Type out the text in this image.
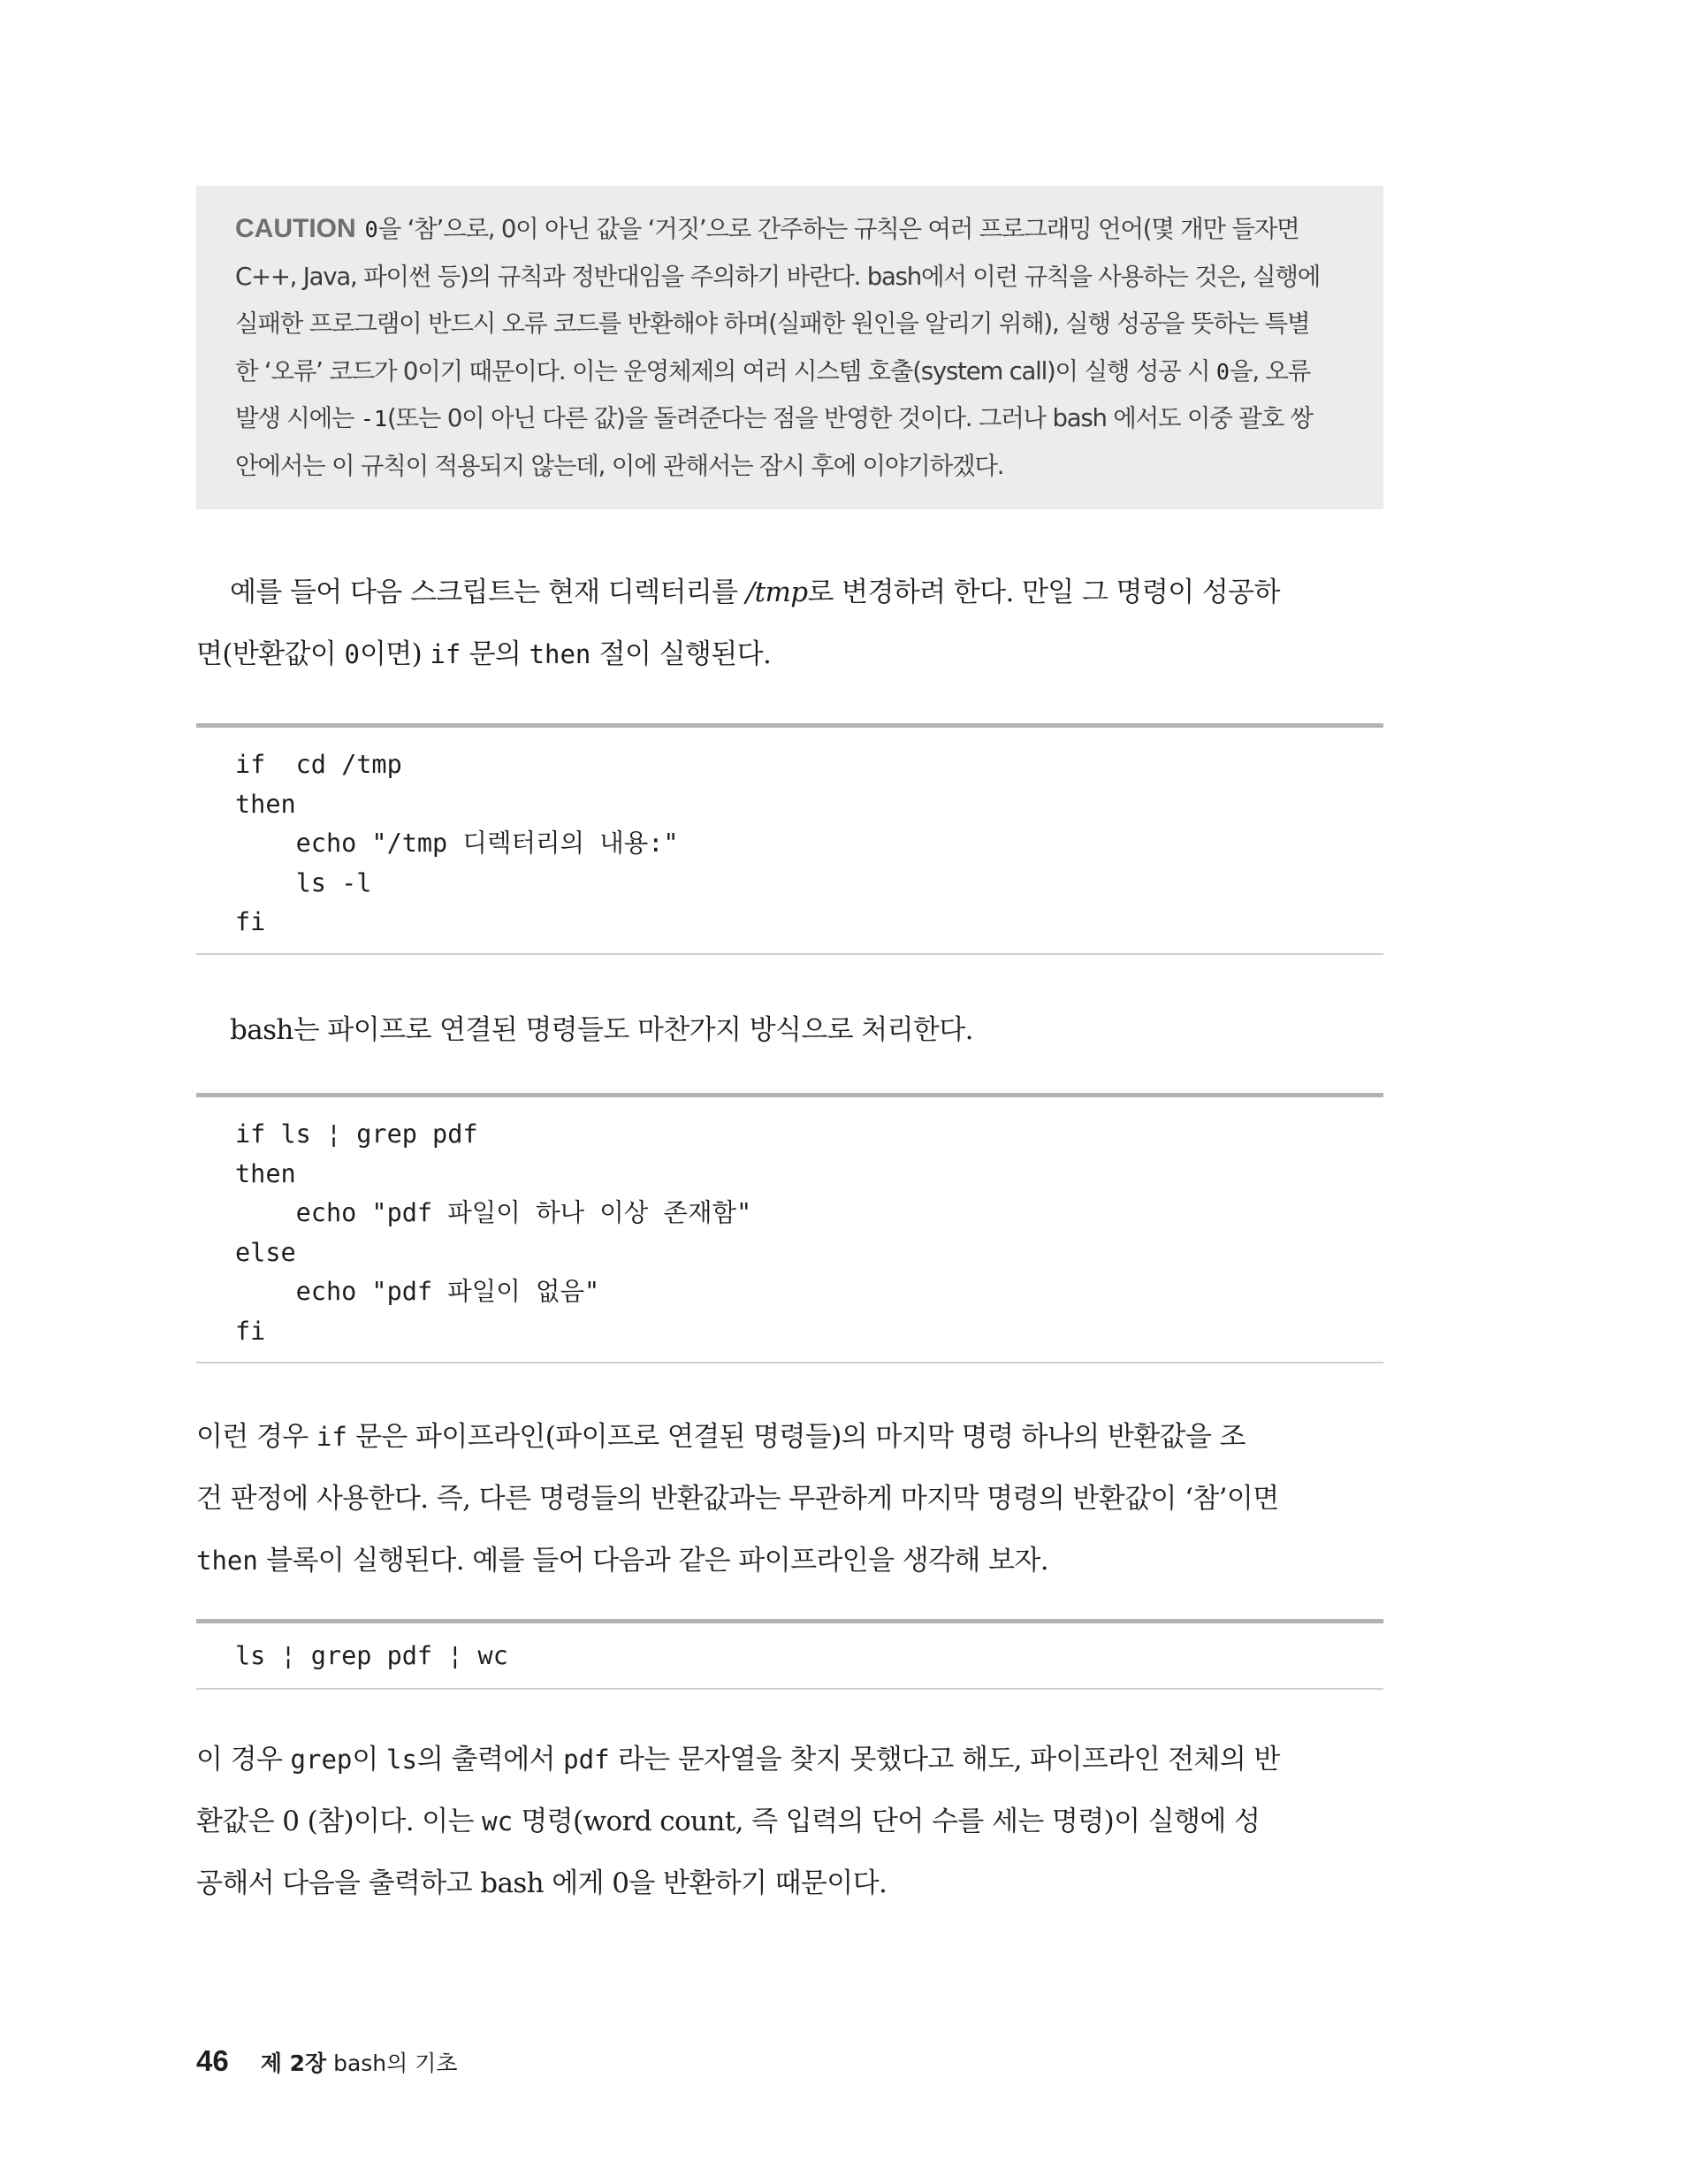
CAUTION 0을 ‘참’으로, 0이 아닌 값을 ‘거짓’으로 간주하는 규칙은 여러 프로그래밍 언어(몇 개만 들자면
C++, Java, 파이썬 등)의 규칙과 정반대임을 주의하기 바란다. bash에서 이런 규칙을 사용하는 것은, 실행에
실패한 프로그램이 반드시 오류 코드를 반환해야 하며(실패한 원인을 알리기 위해), 실행 성공을 뜻하는 특별
한 ‘오류’ 코드가 0이기 때문이다. 이는 운영체제의 여러 시스템 호출(system call)이 실행 성공 시 0을, 오류
발생 시에는 -1(또는 0이 아닌 다른 값)을 돌려준다는 점을 반영한 것이다. 그러나 bash 에서도 이중 괄호 쌍
안에서는 이 규칙이 적용되지 않는데, 이에 관해서는 잠시 후에 이야기하겠다.
예를 들어 다음 스크립트는 현재 디렉터리를 /tmp로 변경하려 한다. 만일 그 명령이 성공하
면(반환값이 0이면) if 문의 then 절이 실행된다.
if  cd /tmp
then
echo "/tmp 디렉터리의 내용:"
ls -l
fi
bash는 파이프로 연결된 명령들도 마찬가지 방식으로 처리한다.
if ls ¦ grep pdf
then
echo "pdf 파일이 하나 이상 존재함"
else
echo "pdf 파일이 없음"
fi
이런 경우 if 문은 파이프라인(파이프로 연결된 명령들)의 마지막 명령 하나의 반환값을 조
건 판정에 사용한다. 즉, 다른 명령들의 반환값과는 무관하게 마지막 명령의 반환값이 ‘참’이면
then 블록이 실행된다. 예를 들어 다음과 같은 파이프라인을 생각해 보자.
ls ¦ grep pdf ¦ wc
이 경우 grep이 ls의 출력에서 pdf 라는 문자열을 찾지 못했다고 해도, 파이프라인 전체의 반
환값은 0 (참)이다. 이는 wc 명령(word count, 즉 입력의 단어 수를 세는 명령)이 실행에 성
공해서 다음을 출력하고 bash 에게 0을 반환하기 때문이다.
46 제 2장 bash의 기초
